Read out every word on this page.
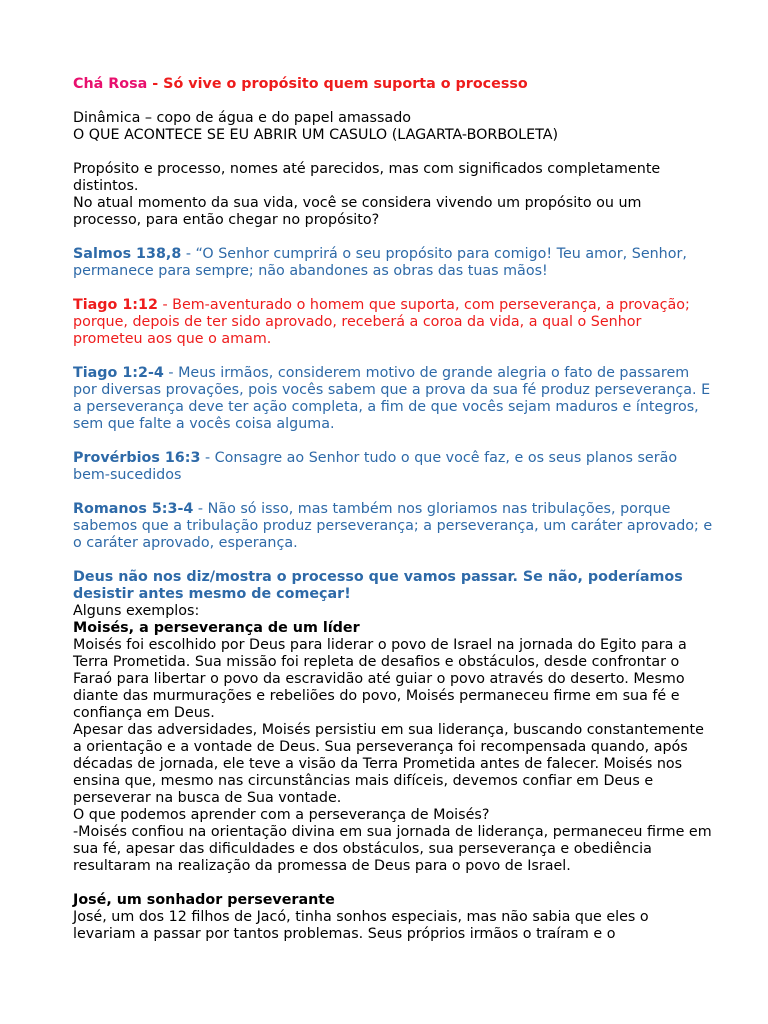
Chá Rosa - Só vive o propósito quem suporta o processo

Dinâmica – copo de água e do papel amassado

O QUE ACONTECE SE EU ABRIR UM CASULO (LAGARTA-BORBOLETA)

Propósito e processo, nomes até parecidos, mas com significados completamente distintos.

No atual momento da sua vida, você se considera vivendo um propósito ou um processo, para então chegar no propósito?

Salmos 138,8 - “O Senhor cumprirá o seu propósito para comigo! Teu amor, Senhor, permanece para sempre; não abandones as obras das tuas mãos!

Tiago 1:12 - Bem-aventurado o homem que suporta, com perseverança, a provação; porque, depois de ter sido aprovado, receberá a coroa da vida, a qual o Senhor prometeu aos que o amam.

Tiago 1:2-4 - Meus irmãos, considerem motivo de grande alegria o fato de passarem por diversas provações, pois vocês sabem que a prova da sua fé produz perseverança. E a perseverança deve ter ação completa, a fim de que vocês sejam maduros e íntegros, sem que falte a vocês coisa alguma.

Provérbios 16:3 - Consagre ao Senhor tudo o que você faz, e os seus planos serão bem-sucedidos

Romanos 5:3-4 - Não só isso, mas também nos gloriamos nas tribulações, porque sabemos que a tribulação produz perseverança; a perseverança, um caráter aprovado; e o caráter aprovado, esperança.

Deus não nos diz/mostra o processo que vamos passar. Se não, poderíamos desistir antes mesmo de começar!

Alguns exemplos:

Moisés, a perseverança de um líder

Moisés foi escolhido por Deus para liderar o povo de Israel na jornada do Egito para a Terra Prometida. Sua missão foi repleta de desafios e obstáculos, desde confrontar o Faraó para libertar o povo da escravidão até guiar o povo através do deserto. Mesmo diante das murmurações e rebeliões do povo, Moisés permaneceu firme em sua fé e confiança em Deus.

Apesar das adversidades, Moisés persistiu em sua liderança, buscando constantemente a orientação e a vontade de Deus. Sua perseverança foi recompensada quando, após décadas de jornada, ele teve a visão da Terra Prometida antes de falecer. Moisés nos ensina que, mesmo nas circunstâncias mais difíceis, devemos confiar em Deus e perseverar na busca de Sua vontade.

O que podemos aprender com a perseverança de Moisés?

-Moisés confiou na orientação divina em sua jornada de liderança, permaneceu firme em sua fé, apesar das dificuldades e dos obstáculos, sua perseverança e obediência resultaram na realização da promessa de Deus para o povo de Israel.

José, um sonhador perseverante

José, um dos 12 filhos de Jacó, tinha sonhos especiais, mas não sabia que eles o levariam a passar por tantos problemas. Seus próprios irmãos o traíram e o
